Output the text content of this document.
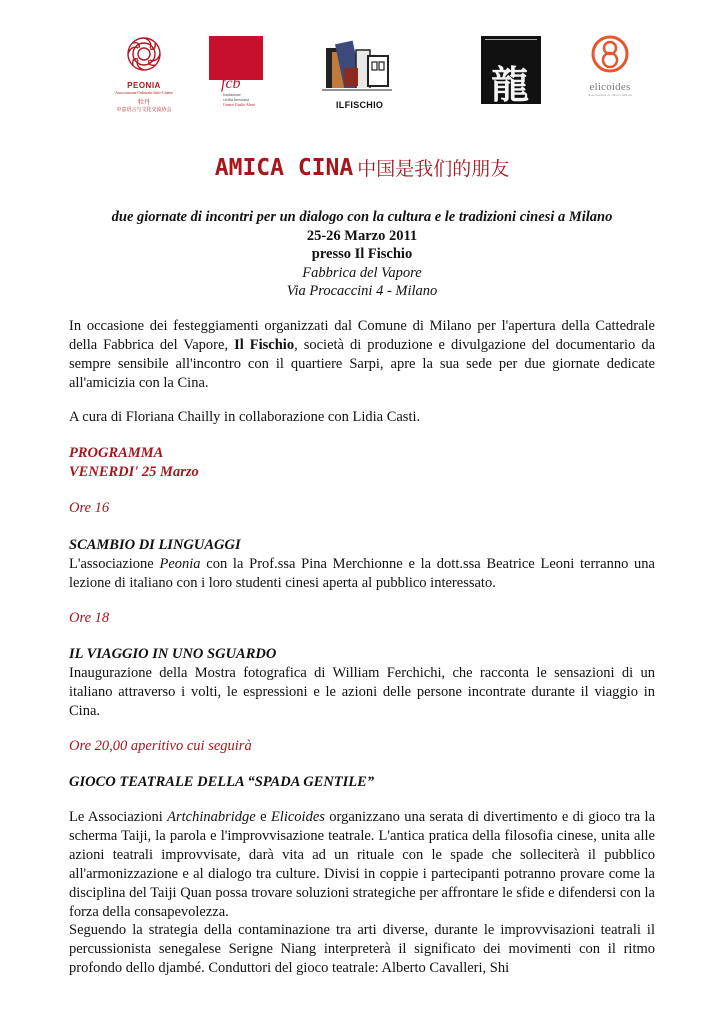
PEONIA
Associazione Culturale Italo-Cinese
牡丹
中意语言与文化交流协会
fcb
fondazione
civiltà bresciana
Centro Giulio Aleni	ILFISCHIO	龍	elicoides
Associazione di cultura italiana
AMICA CINA 中国是我们的朋友
due giornate di incontri per un dialogo con la cultura e le tradizioni cinesi a Milano
25-26 Marzo 2011
presso Il Fischio
Fabbrica del Vapore
Via Procaccini 4 - Milano
In occasione dei festeggiamenti organizzati dal Comune di Milano per l'apertura della Cattedrale della Fabbrica del Vapore, Il Fischio, società di produzione e divulgazione del documentario da sempre sensibile all'incontro con il quartiere Sarpi, apre la sua sede per due giornate dedicate all'amicizia con la Cina.
A cura di Floriana Chailly in collaborazione con Lidia Casti.
PROGRAMMA
VENERDI' 25 Marzo
Ore 16
SCAMBIO DI LINGUAGGI
L'associazione Peonia con la Prof.ssa Pina Merchionne e la dott.ssa Beatrice Leoni terranno una lezione di italiano con i loro studenti cinesi aperta al pubblico interessato.
Ore 18
IL VIAGGIO IN UNO SGUARDO
Inaugurazione della Mostra fotografica di William Ferchichi, che racconta le sensazioni di un italiano attraverso i volti, le espressioni e le azioni delle persone incontrate durante il viaggio in Cina.
Ore 20,00 aperitivo cui seguirà
GIOCO TEATRALE DELLA “SPADA GENTILE”
Le Associazioni Artchinabridge e Elicoides organizzano una serata di divertimento e di gioco tra la scherma Taiji, la parola e l'improvvisazione teatrale. L'antica pratica della filosofia cinese, unita alle azioni teatrali improvvisate, darà vita ad un rituale con le spade che solleciterà il pubblico all'armonizzazione e al dialogo tra culture. Divisi in coppie i partecipanti potranno provare come la disciplina del Taiji Quan possa trovare soluzioni strategiche per affrontare le sfide e difendersi con la forza della consapevolezza.
Seguendo la strategia della contaminazione tra arti diverse, durante le improvvisazioni teatrali il percussionista senegalese Serigne Niang interpreterà il significato dei movimenti con il ritmo profondo dello djambé. Conduttori del gioco teatrale: Alberto Cavalleri, Shi
